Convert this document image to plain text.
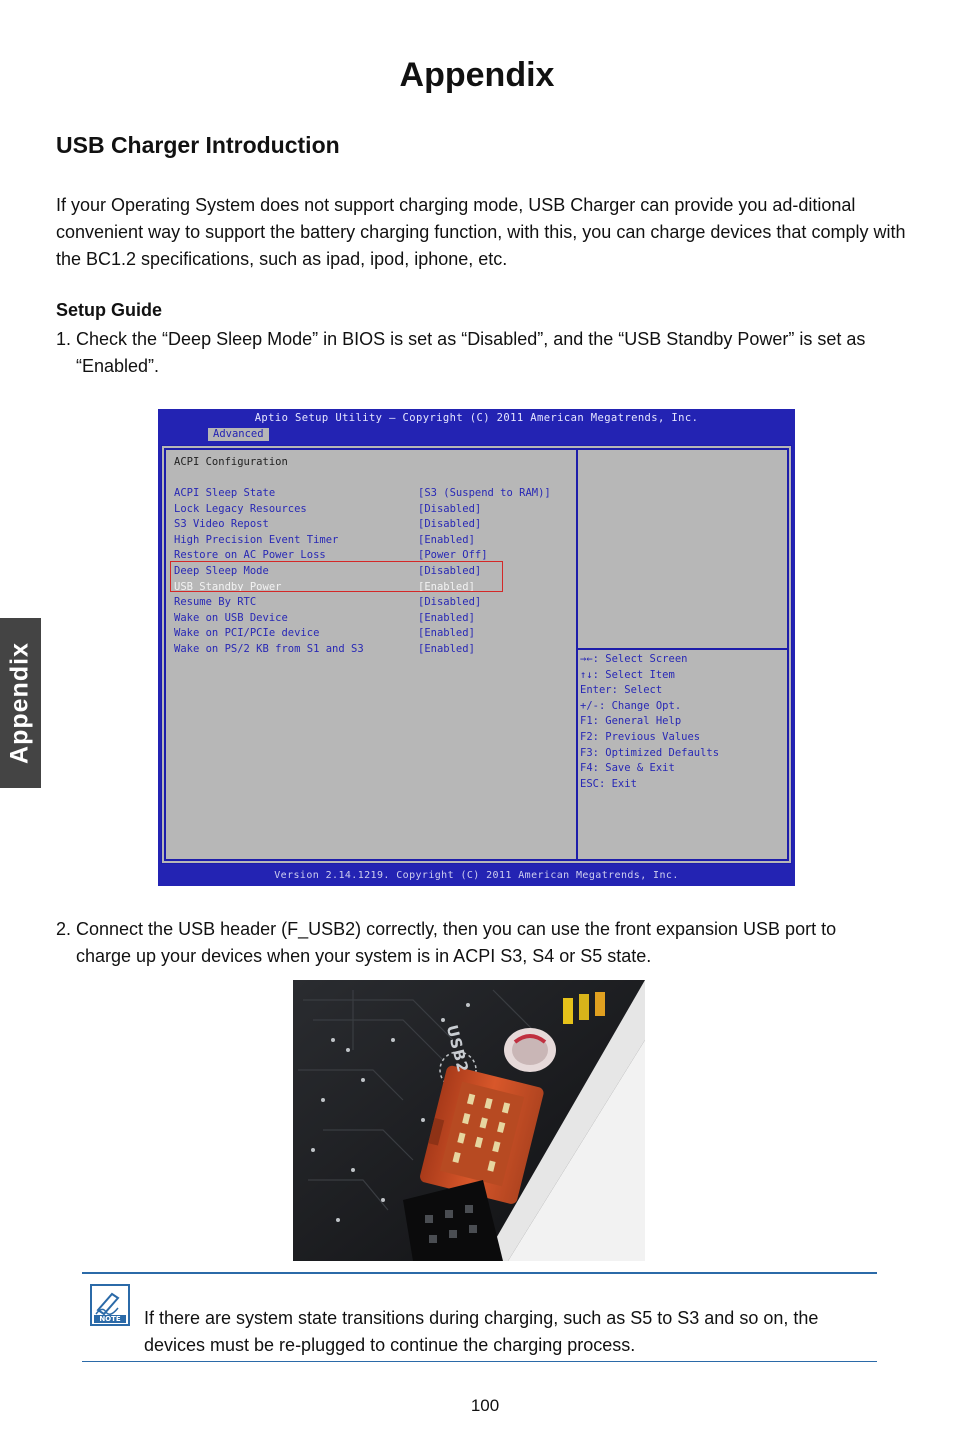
Appendix
USB Charger Introduction

If your Operating System does not support charging mode, USB Charger can provide you ad-ditional convenient way to support the battery charging function, with this, you can charge devices that comply with the BC1.2 specifications, such as ipad, ipod, iphone, etc.

Setup Guide

1. Check the “Deep Sleep Mode” in BIOS is set as “Disabled”, and the “USB Standby Power” is set as “Enabled”.

Appendix
Aptio Setup Utility – Copyright (C) 2011 American Megatrends, Inc.
Advanced
ACPI Configuration
ACPI Sleep State	[S3 (Suspend to RAM)]
Lock Legacy Resources	[Disabled]
S3 Video Repost	[Disabled]
High Precision Event Timer	[Enabled]
Restore on AC Power Loss	[Power Off]
Deep Sleep Mode	[Disabled]
USB Standby Power	[Enabled]
Resume By RTC	[Disabled]
Wake on USB Device	[Enabled]
Wake on PCI/PCIe device	[Enabled]
Wake on PS/2 KB from S1 and S3	[Enabled]
→←: Select Screen
↑↓: Select Item
Enter: Select
+/-: Change Opt.
F1: General Help
F2: Previous Values
F3: Optimized Defaults
F4: Save & Exit
ESC: Exit
Version 2.14.1219. Copyright (C) 2011 American Megatrends, Inc.

2. Connect the USB header (F_USB2) correctly, then you can use the front expansion USB port to charge up your devices when your system is in ACPI S3, S4 or S5 state.

USB2
NOTE If there are system state transitions during charging, such as S5 to S3 and so on, the devices must be re-plugged to continue the charging process.

100
